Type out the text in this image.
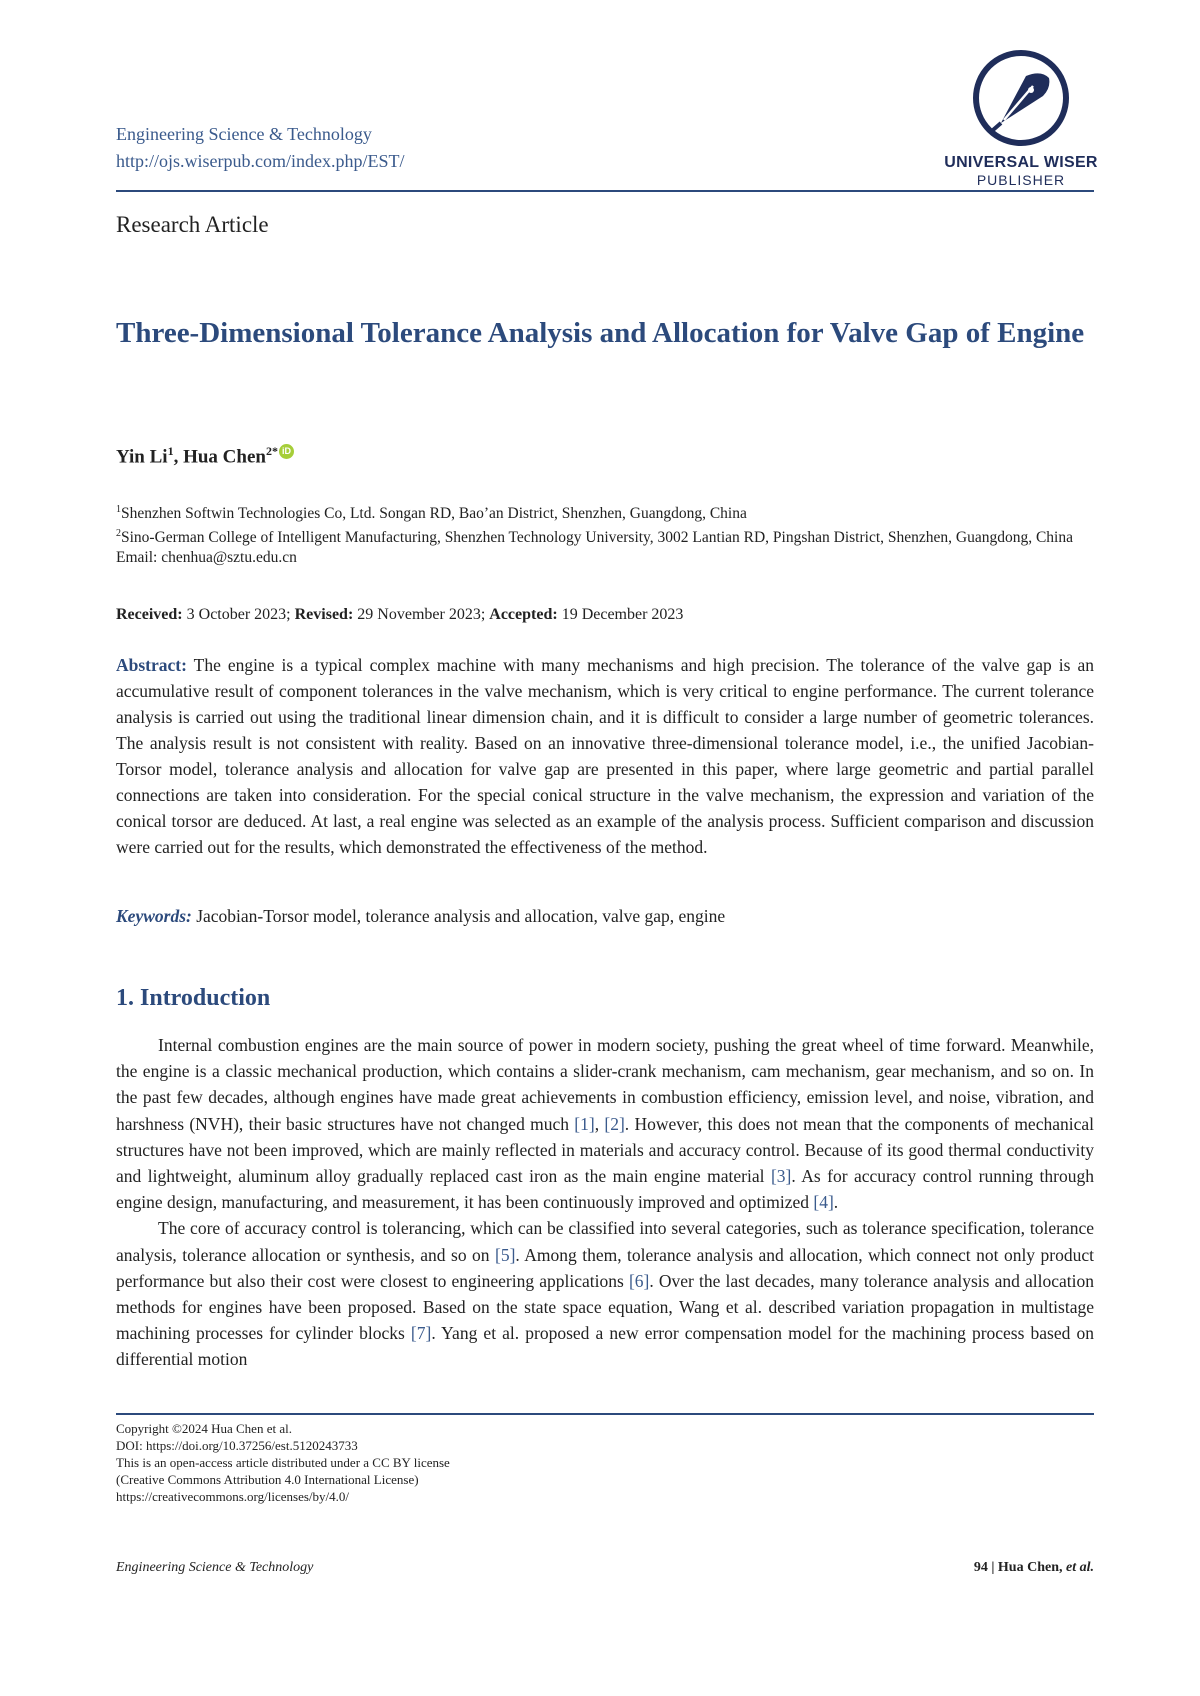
Engineering Science & Technology
http://ojs.wiserpub.com/index.php/EST/	UNIVERSAL WISER
PUBLISHER
Research Article
Three-Dimensional Tolerance Analysis and Allocation for Valve Gap of Engine
Yin Li$^1$, Hua Chen$^{2*}$ iD
$^1$Shenzhen Softwin Technologies Co, Ltd. Songan RD, Bao’an District, Shenzhen, Guangdong, China
$^2$Sino-German College of Intelligent Manufacturing, Shenzhen Technology University, 3002 Lantian RD, Pingshan District, Shenzhen, Guangdong, China
Email: chenhua@sztu.edu.cn
Received: 3 October 2023; Revised: 29 November 2023; Accepted: 19 December 2023
Abstract: The engine is a typical complex machine with many mechanisms and high precision. The tolerance of the valve gap is an accumulative result of component tolerances in the valve mechanism, which is very critical to engine performance. The current tolerance analysis is carried out using the traditional linear dimension chain, and it is difficult to consider a large number of geometric tolerances. The analysis result is not consistent with reality. Based on an innovative three-dimensional tolerance model, i.e., the unified Jacobian-Torsor model, tolerance analysis and allocation for valve gap are presented in this paper, where large geometric and partial parallel connections are taken into consideration. For the special conical structure in the valve mechanism, the expression and variation of the conical torsor are deduced. At last, a real engine was selected as an example of the analysis process. Sufficient comparison and discussion were carried out for the results, which demonstrated the effectiveness of the method.
Keywords: Jacobian-Torsor model, tolerance analysis and allocation, valve gap, engine
1. Introduction

Internal combustion engines are the main source of power in modern society, pushing the great wheel of time forward. Meanwhile, the engine is a classic mechanical production, which contains a slider-crank mechanism, cam mechanism, gear mechanism, and so on. In the past few decades, although engines have made great achievements in combustion efficiency, emission level, and noise, vibration, and harshness (NVH), their basic structures have not changed much [1], [2]. However, this does not mean that the components of mechanical structures have not been improved, which are mainly reflected in materials and accuracy control. Because of its good thermal conductivity and lightweight, aluminum alloy gradually replaced cast iron as the main engine material [3]. As for accuracy control running through engine design, manufacturing, and measurement, it has been continuously improved and optimized [4].

The core of accuracy control is tolerancing, which can be classified into several categories, such as tolerance specification, tolerance analysis, tolerance allocation or synthesis, and so on [5]. Among them, tolerance analysis and allocation, which connect not only product performance but also their cost were closest to engineering applications [6]. Over the last decades, many tolerance analysis and allocation methods for engines have been proposed. Based on the state space equation, Wang et al. described variation propagation in multistage machining processes for cylinder blocks [7]. Yang et al. proposed a new error compensation model for the machining process based on differential motion

Copyright ©2024 Hua Chen et al.
DOI: https://doi.org/10.37256/est.5120243733
This is an open-access article distributed under a CC BY license
(Creative Commons Attribution 4.0 International License)
https://creativecommons.org/licenses/by/4.0/
Engineering Science & Technology	94 | Hua Chen, et al.
